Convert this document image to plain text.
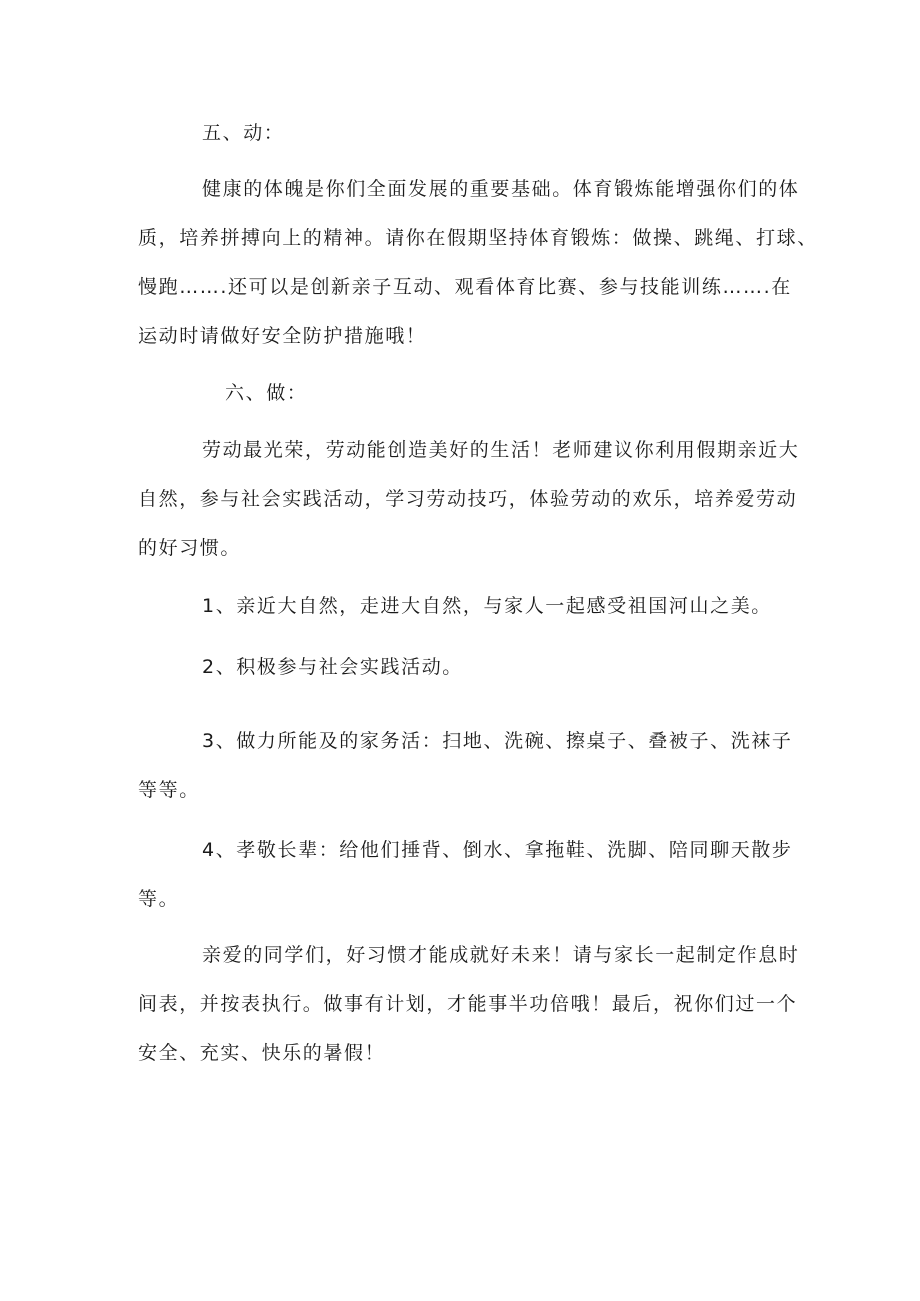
五、动：
健康的体魄是你们全面发展的重要基础。体育锻炼能增强你们的体
质，培养拼搏向上的精神。请你在假期坚持体育锻炼：做操、跳绳、打球、
慢跑…….还可以是创新亲子互动、观看体育比赛、参与技能训练…….在
运动时请做好安全防护措施哦！
六、做：
劳动最光荣，劳动能创造美好的生活！老师建议你利用假期亲近大
自然，参与社会实践活动，学习劳动技巧，体验劳动的欢乐，培养爱劳动
的好习惯。
1、亲近大自然，走进大自然，与家人一起感受祖国河山之美。
2、积极参与社会实践活动。
3、做力所能及的家务活：扫地、洗碗、擦桌子、叠被子、洗袜子
等等。
4、孝敬长辈：给他们捶背、倒水、拿拖鞋、洗脚、陪同聊天散步
等。
亲爱的同学们，好习惯才能成就好未来！请与家长一起制定作息时
间表，并按表执行。做事有计划，才能事半功倍哦！最后，祝你们过一个
安全、充实、快乐的暑假！
